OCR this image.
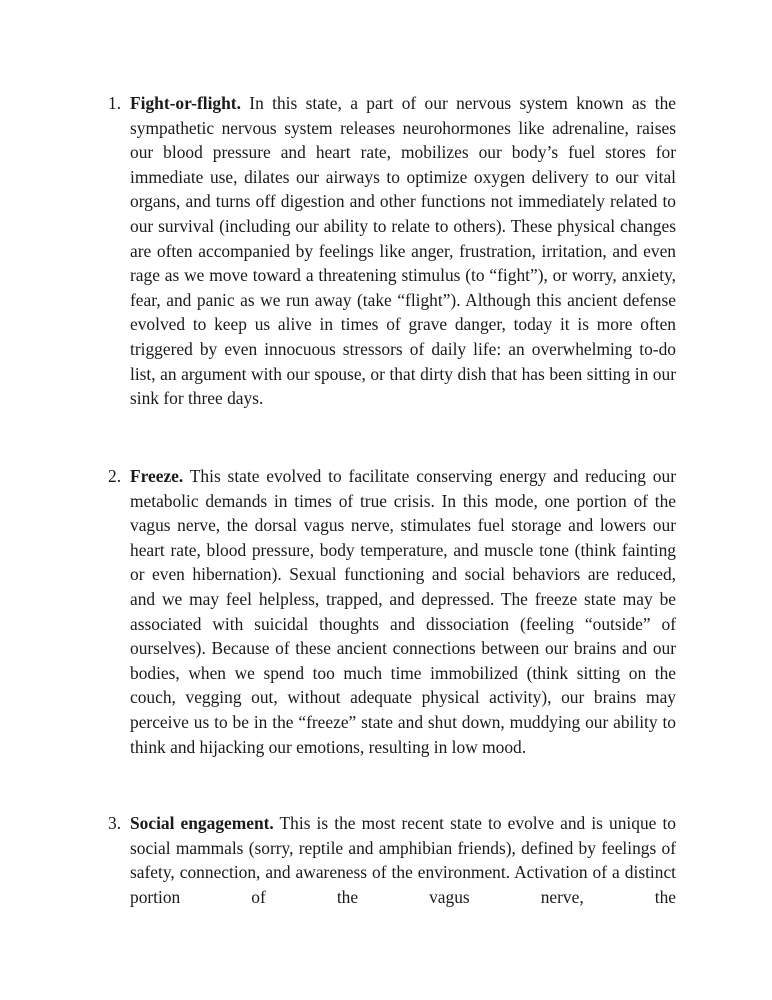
1. Fight-or-flight. In this state, a part of our nervous system known as the sympathetic nervous system releases neurohormones like adrenaline, raises our blood pressure and heart rate, mobilizes our body’s fuel stores for immediate use, dilates our airways to optimize oxygen delivery to our vital organs, and turns off digestion and other functions not immediately related to our survival (including our ability to relate to others). These physical changes are often accompanied by feelings like anger, frustration, irritation, and even rage as we move toward a threatening stimulus (to “fight”), or worry, anxiety, fear, and panic as we run away (take “flight”). Although this ancient defense evolved to keep us alive in times of grave danger, today it is more often triggered by even innocuous stressors of daily life: an overwhelming to-do list, an argument with our spouse, or that dirty dish that has been sitting in our sink for three days.
2. Freeze. This state evolved to facilitate conserving energy and reducing our metabolic demands in times of true crisis. In this mode, one portion of the vagus nerve, the dorsal vagus nerve, stimulates fuel storage and lowers our heart rate, blood pressure, body temperature, and muscle tone (think fainting or even hibernation). Sexual functioning and social behaviors are reduced, and we may feel helpless, trapped, and depressed. The freeze state may be associated with suicidal thoughts and dissociation (feeling “outside” of ourselves). Because of these ancient connections between our brains and our bodies, when we spend too much time immobilized (think sitting on the couch, vegging out, without adequate physical activity), our brains may perceive us to be in the “freeze” state and shut down, muddying our ability to think and hijacking our emotions, resulting in low mood.
3. Social engagement. This is the most recent state to evolve and is unique to social mammals (sorry, reptile and amphibian friends), defined by feelings of safety, connection, and awareness of the environment. Activation of a distinct portion of the vagus nerve, the
